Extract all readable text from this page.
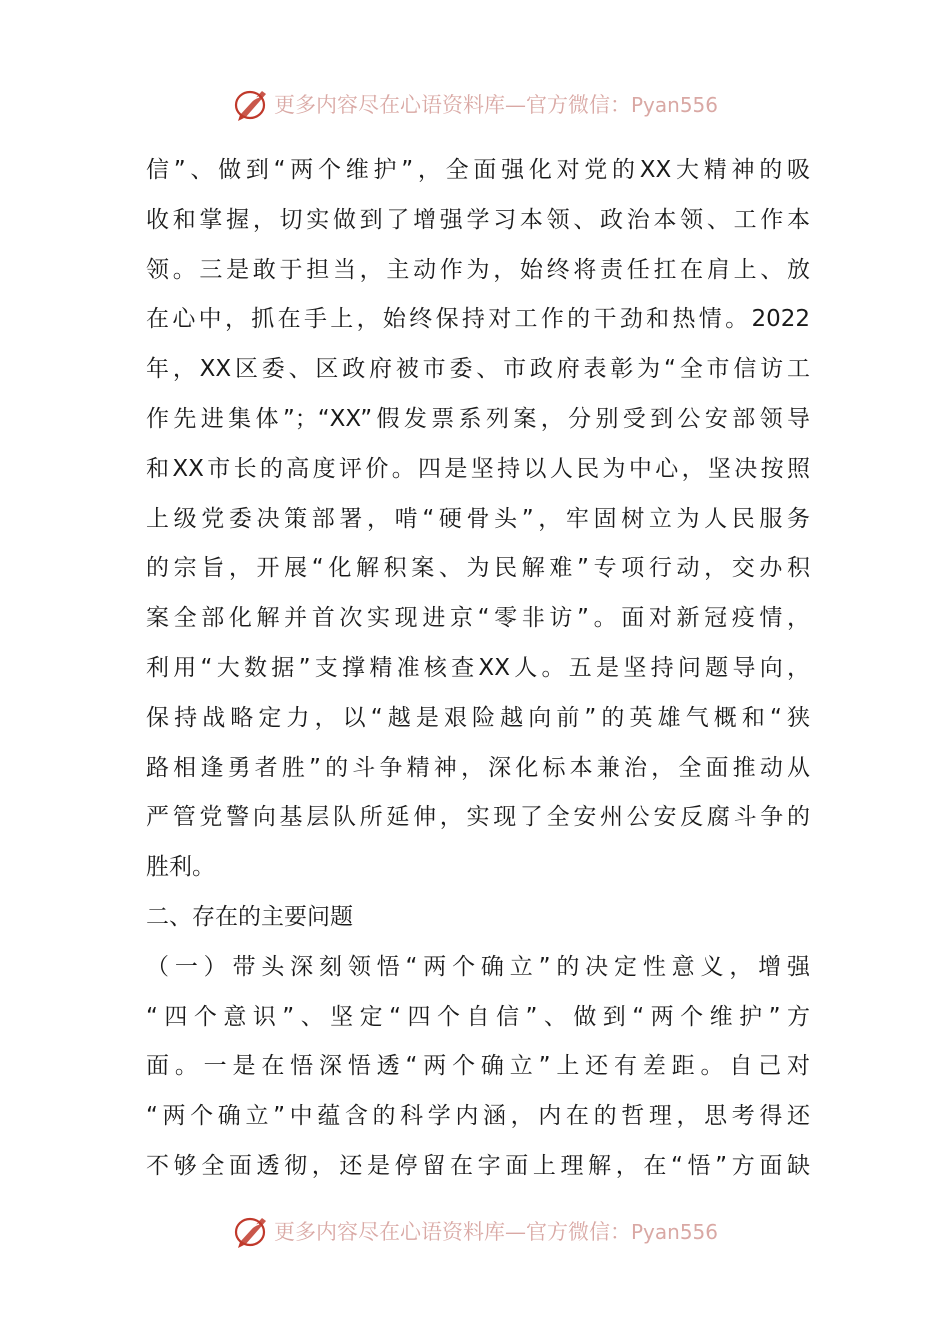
更多内容尽在心语资料库—官方微信：Pyan556
信”、做到“两个维护”，全面强化对党的XX大精神的吸
收和掌握，切实做到了增强学习本领、政治本领、工作本
领。三是敢于担当，主动作为，始终将责任扛在肩上、放
在心中，抓在手上，始终保持对工作的干劲和热情。2022
年，XX区委、区政府被市委、市政府表彰为“全市信访工
作先进集体”；“XX”假发票系列案，分别受到公安部领导
和XX市长的高度评价。四是坚持以人民为中心，坚决按照
上级党委决策部署，啃“硬骨头”，牢固树立为人民服务
的宗旨，开展“化解积案、为民解难”专项行动，交办积
案全部化解并首次实现进京“零非访”。面对新冠疫情，
利用“大数据”支撑精准核查XX人。五是坚持问题导向，
保持战略定力，以“越是艰险越向前”的英雄气概和“狭
路相逢勇者胜”的斗争精神，深化标本兼治，全面推动从
严管党警向基层队所延伸，实现了全安州公安反腐斗争的
胜利。
二、存在的主要问题
（一）带头深刻领悟“两个确立”的决定性意义，增强
“四个意识”、坚定“四个自信”、做到“两个维护”方
面。一是在悟深悟透“两个确立”上还有差距。自己对
“两个确立”中蕴含的科学内涵，内在的哲理，思考得还
不够全面透彻，还是停留在字面上理解，在“悟”方面缺
更多内容尽在心语资料库—官方微信：Pyan556
